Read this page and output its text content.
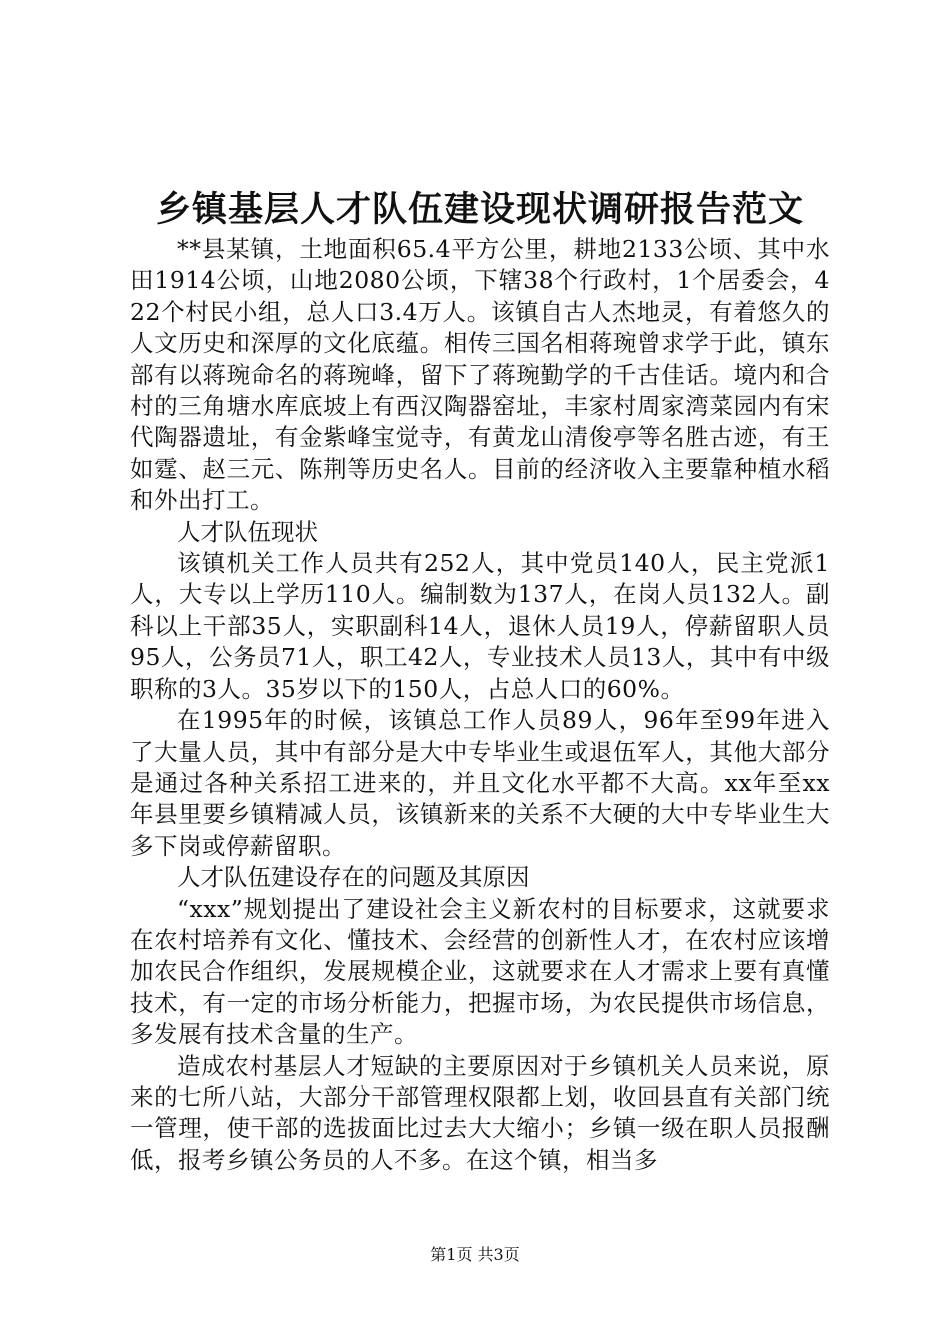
乡镇基层人才队伍建设现状调研报告范文

**县某镇，土地面积65.4平方公里，耕地2133公顷、其中水田1914公顷，山地2080公顷，下辖38个行政村，1个居委会，422个村民小组，总人口3.4万人。该镇自古人杰地灵，有着悠久的人文历史和深厚的文化底蕴。相传三国名相蒋琬曾求学于此，镇东部有以蒋琬命名的蒋琬峰，留下了蒋琬勤学的千古佳话。境内和合村的三角塘水库底坡上有西汉陶器窑址，丰家村周家湾菜园内有宋代陶器遗址，有金紫峰宝觉寺，有黄龙山清俊亭等名胜古迹，有王如霆、赵三元、陈荆等历史名人。目前的经济收入主要靠种植水稻和外出打工。

人才队伍现状

该镇机关工作人员共有252人，其中党员140人，民主党派1人，大专以上学历110人。编制数为137人，在岗人员132人。副科以上干部35人，实职副科14人，退休人员19人，停薪留职人员95人，公务员71人，职工42人，专业技术人员13人，其中有中级职称的3人。35岁以下的150人，占总人口的60%。

在1995年的时候，该镇总工作人员89人，96年至99年进入了大量人员，其中有部分是大中专毕业生或退伍军人，其他大部分是通过各种关系招工进来的，并且文化水平都不大高。xx年至xx年县里要乡镇精减人员，该镇新来的关系不大硬的大中专毕业生大多下岗或停薪留职。

人才队伍建设存在的问题及其原因

“xxx”规划提出了建设社会主义新农村的目标要求，这就要求在农村培养有文化、懂技术、会经营的创新性人才，在农村应该增加农民合作组织，发展规模企业，这就要求在人才需求上要有真懂技术，有一定的市场分析能力，把握市场，为农民提供市场信息，多发展有技术含量的生产。

造成农村基层人才短缺的主要原因对于乡镇机关人员来说，原来的七所八站，大部分干部管理权限都上划，收回县直有关部门统一管理，使干部的选拔面比过去大大缩小；乡镇一级在职人员报酬低，报考乡镇公务员的人不多。在这个镇，相当多

第1页 共3页
